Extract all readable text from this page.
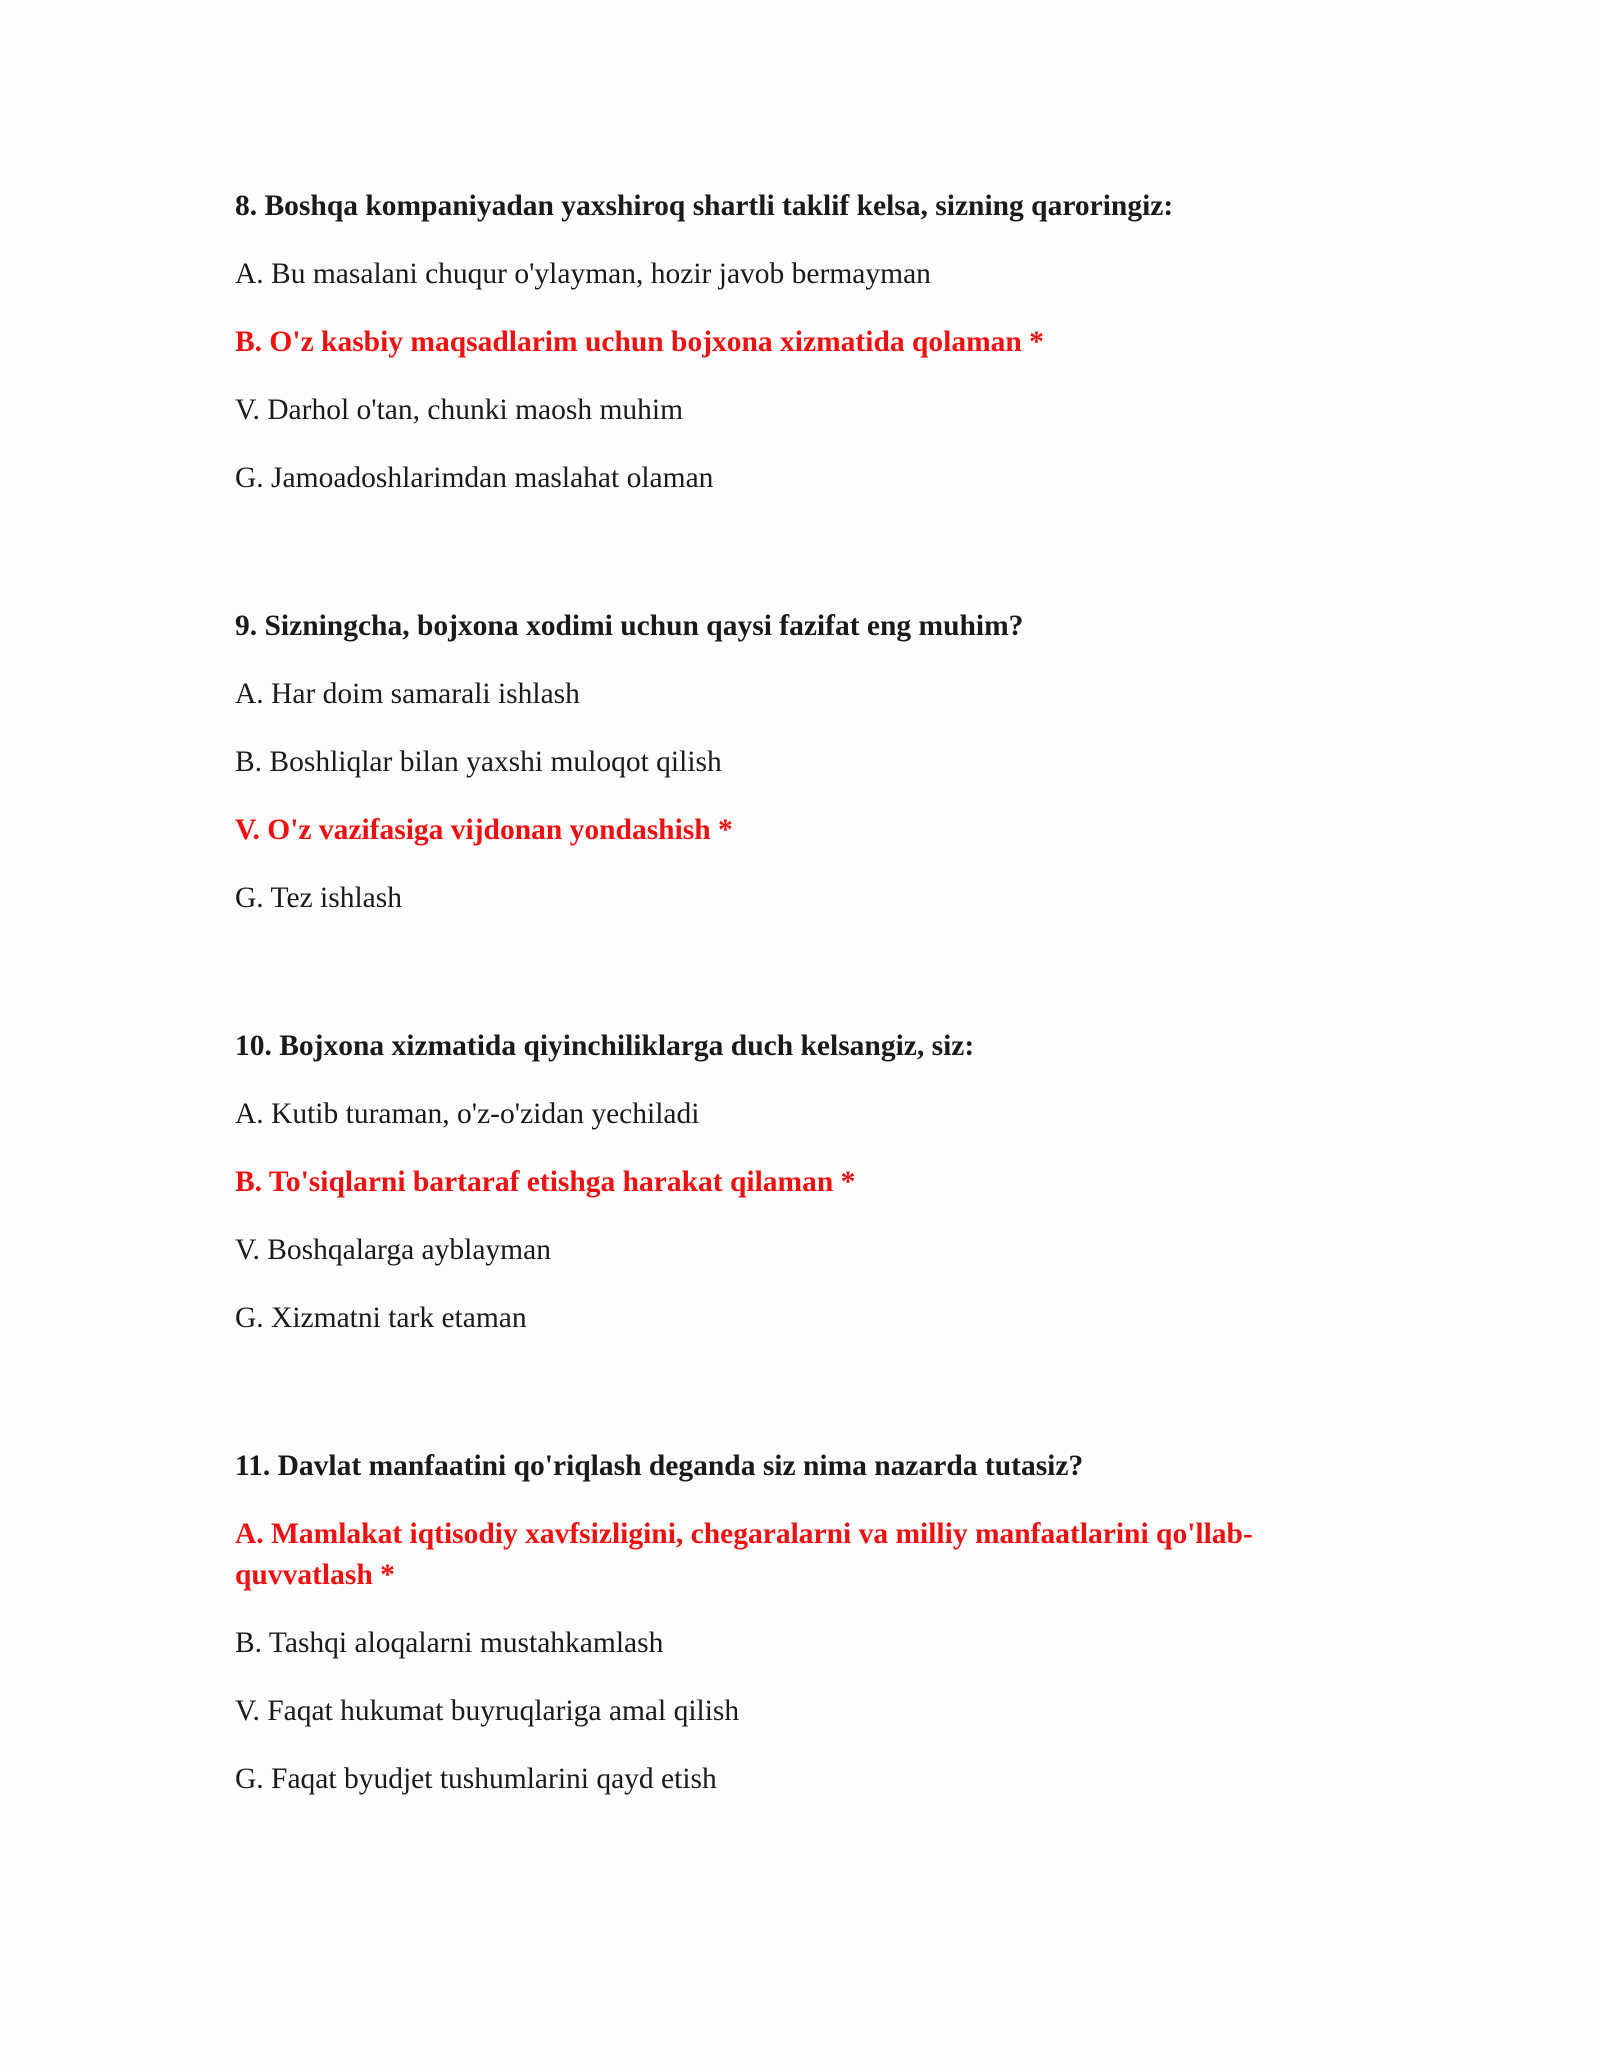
8. Boshqa kompaniyadan yaxshiroq shartli taklif kelsa, sizning qaroringiz:

A. Bu masalani chuqur o'ylayman, hozir javob bermayman

B. O'z kasbiy maqsadlarim uchun bojxona xizmatida qolaman *

V. Darhol o'tan, chunki maosh muhim

G. Jamoadoshlarimdan maslahat olaman

9. Sizningcha, bojxona xodimi uchun qaysi fazifat eng muhim?

A. Har doim samarali ishlash

B. Boshliqlar bilan yaxshi muloqot qilish

V. O'z vazifasiga vijdonan yondashish *

G. Tez ishlash

10. Bojxona xizmatida qiyinchiliklarga duch kelsangiz, siz:

A. Kutib turaman, o'z-o'zidan yechiladi

B. To'siqlarni bartaraf etishga harakat qilaman *

V. Boshqalarga ayblayman

G. Xizmatni tark etaman

11. Davlat manfaatini qo'riqlash deganda siz nima nazarda tutasiz?

A. Mamlakat iqtisodiy xavfsizligini, chegaralarni va milliy manfaatlarini qo'llab-quvvatlash *

B. Tashqi aloqalarni mustahkamlash

V. Faqat hukumat buyruqlariga amal qilish

G. Faqat byudjet tushumlarini qayd etish
